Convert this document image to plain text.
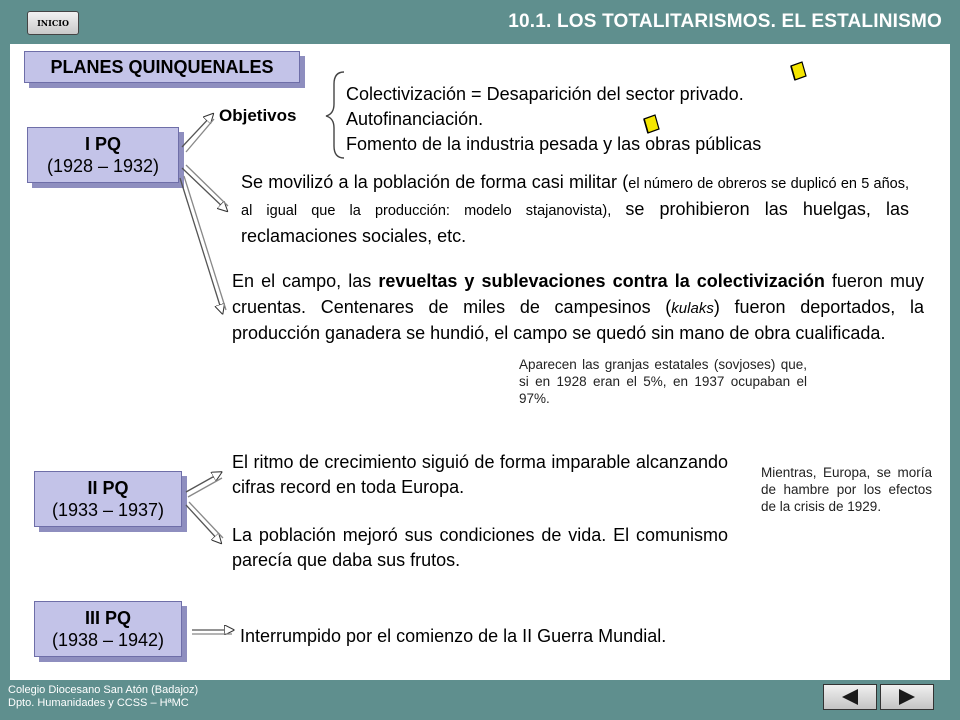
INICIO	10.1. LOS TOTALITARISMOS. EL ESTALINISMO
PLANES QUINQUENALES
I PQ
(1928 – 1932)
II PQ
(1933 – 1937)
III PQ
(1938 – 1942)
Objetivos
Colectivización = Desaparición del sector privado.
Autofinanciación.
Fomento de la industria pesada y las obras públicas
Se movilizó a la población de forma casi militar (el número de obreros se duplicó en 5 años, al igual que la producción: modelo stajanovista), se prohibieron las huelgas, las reclamaciones sociales, etc.
En el campo, las revueltas y sublevaciones contra la colectivización fueron muy cruentas. Centenares de miles de campesinos (kulaks) fueron deportados, la producción ganadera se hundió, el campo se quedó sin mano de obra cualificada.
Aparecen las granjas estatales (sovjoses) que, si en 1928 eran el 5%, en 1937 ocupaban el 97%.
El ritmo de crecimiento siguió de forma imparable alcanzando cifras record en toda Europa.
La población mejoró sus condiciones de vida. El comunismo parecía que daba sus frutos.
Mientras, Europa, se moría de hambre por los efectos de la crisis de 1929.
Interrumpido por el comienzo de la II Guerra Mundial.
Colegio Diocesano San Atón (Badajoz)
Dpto. Humanidades y CCSS – HªMC
